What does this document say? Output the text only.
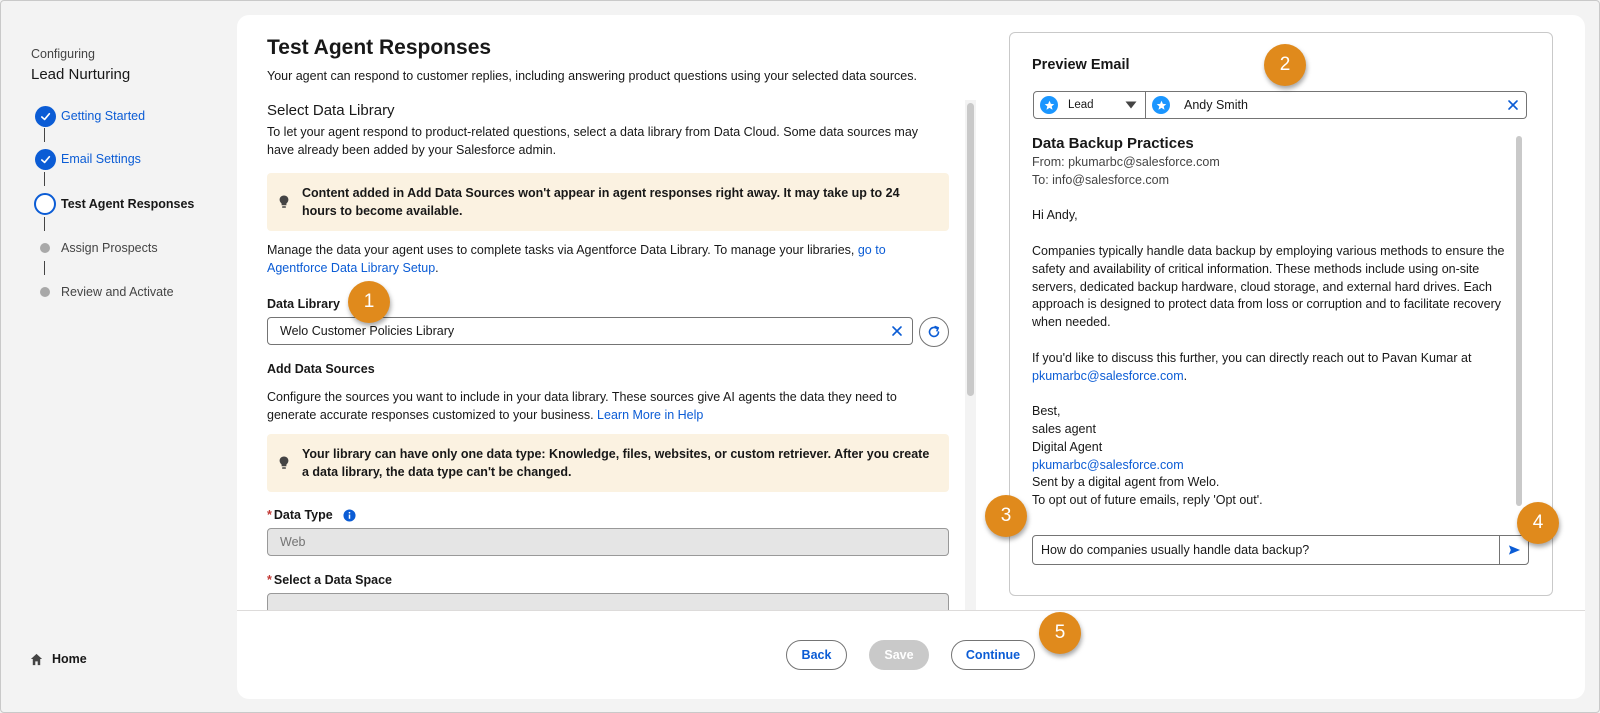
Configuring
Lead Nurturing
Getting Started
Email Settings
Test Agent Responses
Assign Prospects
Review and Activate
Home
Test Agent Responses
Your agent can respond to customer replies, including answering product questions using your selected data sources.
Select Data Library
To let your agent respond to product-related questions, select a data library from Data Cloud. Some data sources may have already been added by your Salesforce admin.
Content added in Add Data Sources won't appear in agent responses right away. It may take up to 24
hours to become available.
Manage the data your agent uses to complete tasks via Agentforce Data Library. To manage your libraries, go to
Agentforce Data Library Setup.
Data Library
Welo Customer Policies Library
Add Data Sources
Configure the sources you want to include in your data library. These sources give AI agents the data they need to
generate accurate responses customized to your business. Learn More in Help
Your library can have only one data type: Knowledge, files, websites, or custom retriever. After you create
a data library, the data type can't be changed.
* Data Type
Web
* Select a Data Space
Preview Email
Lead	Andy Smith
Data Backup Practices
From: pkumarbc@salesforce.com
To: info@salesforce.com

Hi Andy,

Companies typically handle data backup by employing various methods to ensure the safety and availability of critical information. These methods include using on-site servers, dedicated backup hardware, cloud storage, and external hard drives. Each approach is designed to protect data from loss or corruption and to facilitate recovery when needed.

If you'd like to discuss this further, you can directly reach out to Pavan Kumar at
pkumarbc@salesforce.com.

Best,
sales agent
Digital Agent
pkumarbc@salesforce.com
Sent by a digital agent from Welo.
To opt out of future emails, reply 'Opt out'.

How do companies usually handle data backup?
Back	Save	Continue
1
2
3	4
5
